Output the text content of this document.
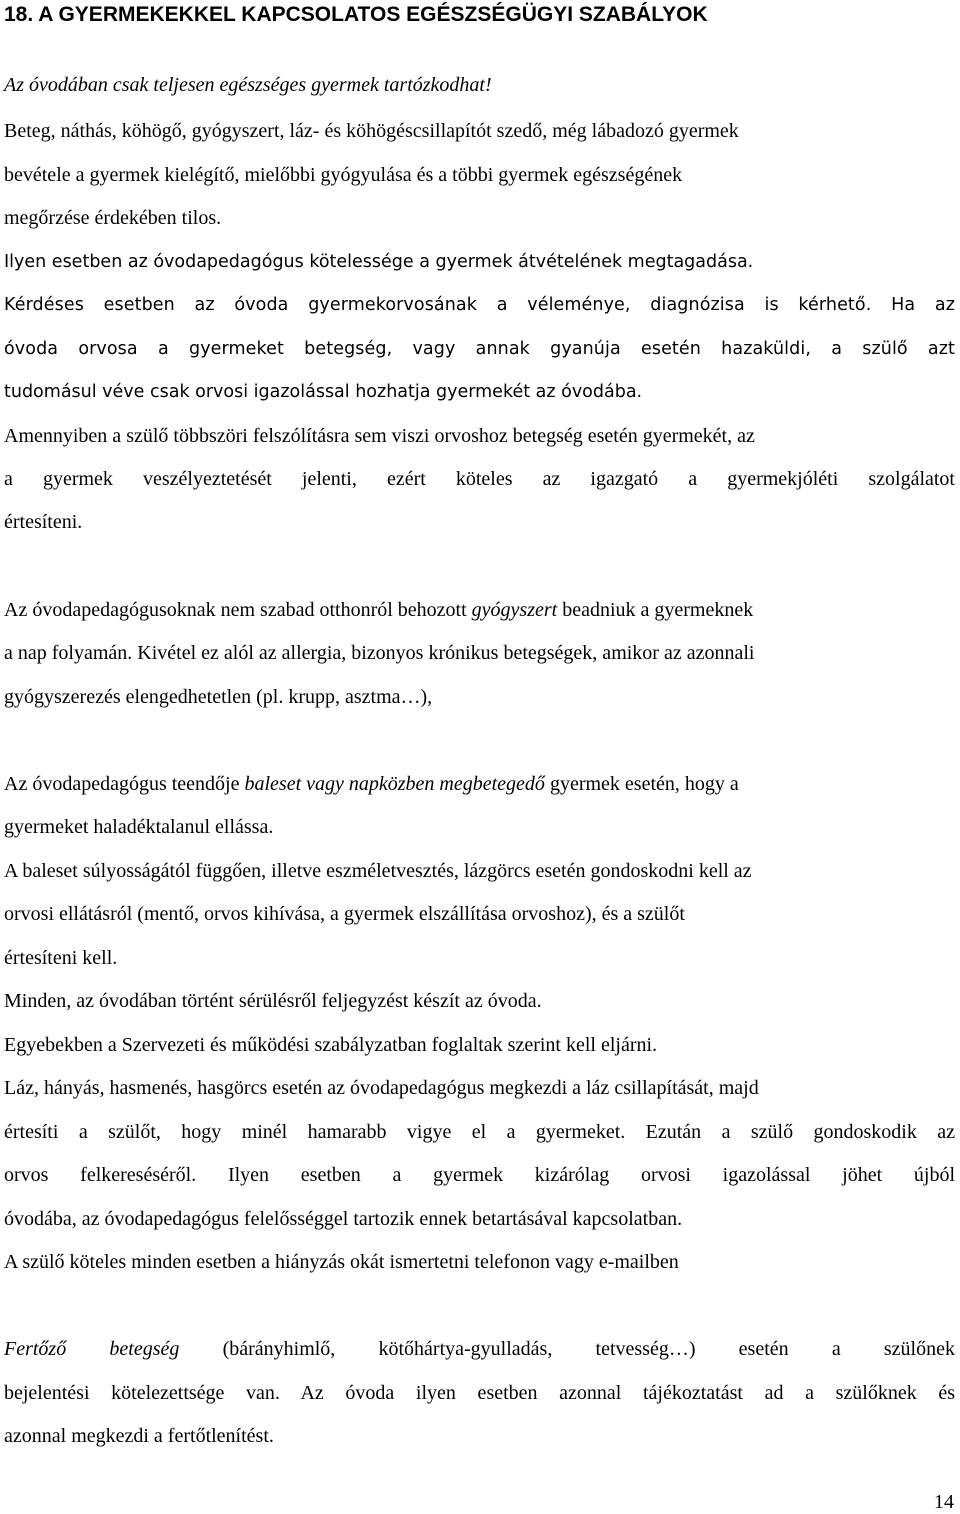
18. A GYERMEKEKKEL KAPCSOLATOS EGÉSZSÉGÜGYI SZABÁLYOK
Az óvodában csak teljesen egészséges gyermek tartózkodhat!
Beteg, náthás, köhögő, gyógyszert, láz- és köhögéscsillapítót szedő, még lábadozó gyermek
bevétele a gyermek kielégítő, mielőbbi gyógyulása és a többi gyermek egészségének
megőrzése érdekében tilos.
Ilyen esetben az óvodapedagógus kötelessége a gyermek átvételének megtagadása.
Kérdéses esetben az óvoda gyermekorvosának a véleménye, diagnózisa is kérhető. Ha az
óvoda orvosa a gyermeket betegség, vagy annak gyanúja esetén hazaküldi, a szülő azt
tudomásul véve csak orvosi igazolással hozhatja gyermekét az óvodába.
Amennyiben a szülő többszöri felszólításra sem viszi orvoshoz betegség esetén gyermekét, az
a gyermek veszélyeztetését jelenti, ezért köteles az igazgató a gyermekjóléti szolgálatot
értesíteni.
Az óvodapedagógusoknak nem szabad otthonról behozott gyógyszert beadniuk a gyermeknek
a nap folyamán. Kivétel ez alól az allergia, bizonyos krónikus betegségek, amikor az azonnali
gyógyszerezés elengedhetetlen (pl. krupp, asztma…),
Az óvodapedagógus teendője baleset vagy napközben megbetegedő gyermek esetén, hogy a
gyermeket haladéktalanul ellássa.
A baleset súlyosságától függően, illetve eszméletvesztés, lázgörcs esetén gondoskodni kell az
orvosi ellátásról (mentő, orvos kihívása, a gyermek elszállítása orvoshoz), és a szülőt
értesíteni kell.
Minden, az óvodában történt sérülésről feljegyzést készít az óvoda.
Egyebekben a Szervezeti és működési szabályzatban foglaltak szerint kell eljárni.
Láz, hányás, hasmenés, hasgörcs esetén az óvodapedagógus megkezdi a láz csillapítását, majd
értesíti a szülőt, hogy minél hamarabb vigye el a gyermeket. Ezután a szülő gondoskodik az
orvos felkereséséről. Ilyen esetben a gyermek kizárólag orvosi igazolással jöhet újból
óvodába, az óvodapedagógus felelősséggel tartozik ennek betartásával kapcsolatban.
A szülő köteles minden esetben a hiányzás okát ismertetni telefonon vagy e-mailben
Fertőző betegség (bárányhimlő, kötőhártya-gyulladás, tetvesség…) esetén a szülőnek
bejelentési kötelezettsége van. Az óvoda ilyen esetben azonnal tájékoztatást ad a szülőknek és
azonnal megkezdi a fertőtlenítést.
14
